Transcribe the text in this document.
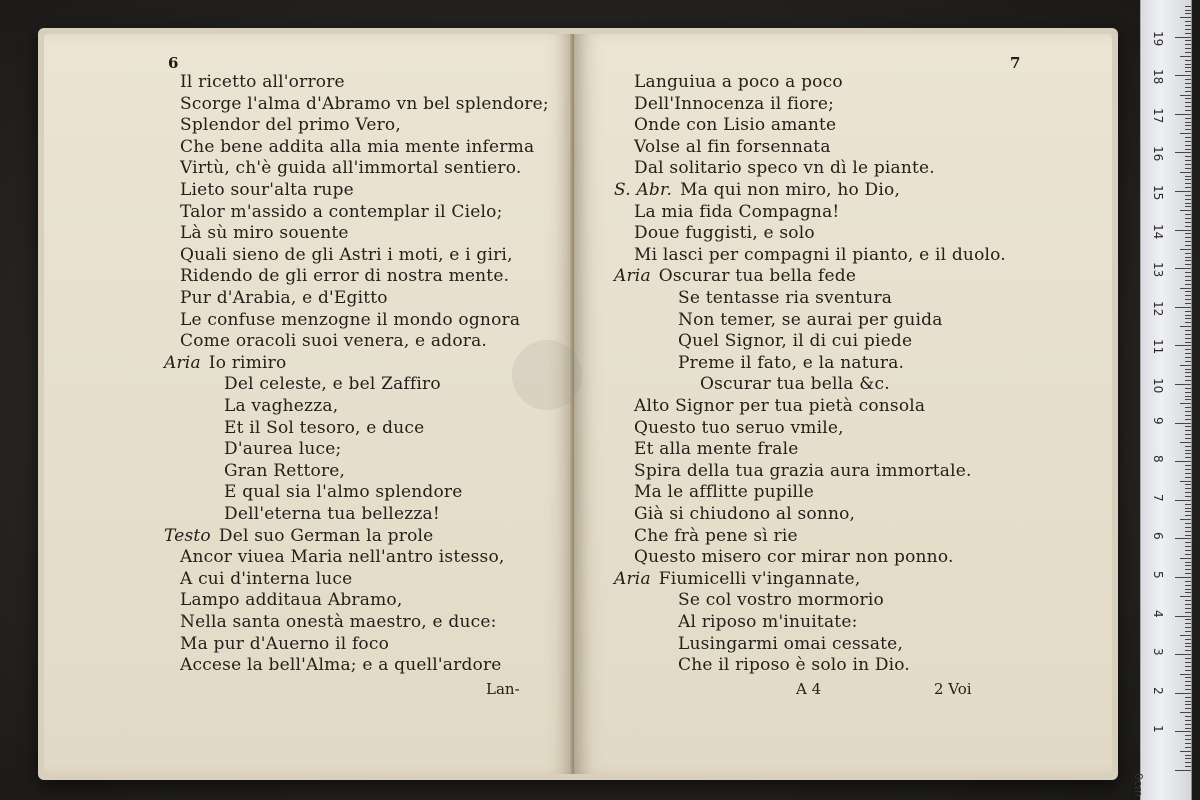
6
Il ricetto all'orrore
Scorge l'alma d'Abramo vn bel splendore;
Splendor del primo Vero,
Che bene addita alla mia mente inferma
Virtù, ch'è guida all'immortal sentiero.
Lieto sour'alta rupe
Talor m'assido a contemplar il Cielo;
Là sù miro souente
Quali sieno de gli Astri i moti, e i giri,
Ridendo de gli error di nostra mente.
Pur d'Arabia, e d'Egitto
Le confuse menzogne il mondo ognora
Come oracoli suoi venera, e adora.
Aria Io rimiro
Del celeste, e bel Zaffiro
La vaghezza,
Et il Sol tesoro, e duce
D'aurea luce;
Gran Rettore,
E qual sia l'almo splendore
Dell'eterna tua bellezza!
Testo Del suo German la prole
Ancor viuea Maria nell'antro istesso,
A cui d'interna luce
Lampo additaua Abramo,
Nella santa onestà maestro, e duce:
Ma pur d'Auerno il foco
Accese la bell'Alma; e a quell'ardore
Lan-
7
Languiua a poco a poco
Dell'Innocenza il fiore;
Onde con Lisio amante
Volse al fin forsennata
Dal solitario speco vn dì le piante.
S. Abr. Ma qui non miro, ho Dio,
La mia fida Compagna!
Doue fuggisti, e solo
Mi lasci per compagni il pianto, e il duolo.
Aria Oscurar tua bella fede
Se tentasse ria sventura
Non temer, se aurai per guida
Quel Signor, il di cui piede
Preme il fato, e la natura.
Oscurar tua bella &c.
Alto Signor per tua pietà consola
Questo tuo seruo vmile,
Et alla mente frale
Spira della tua grazia aura immortale.
Ma le afflitte pupille
Già si chiudono al sonno,
Che frà pene sì rie
Questo misero cor mirar non ponno.
Aria Fiumicelli v'ingannate,
Se col vostro mormorio
Al riposo m'inuitate:
Lusingarmi omai cessate,
Che il riposo è solo in Dio.
A 4	2 Voi
0cm
1
2
3
4
5
6
7
8
9
10
11
12
13
14
15
16
17
18
19
